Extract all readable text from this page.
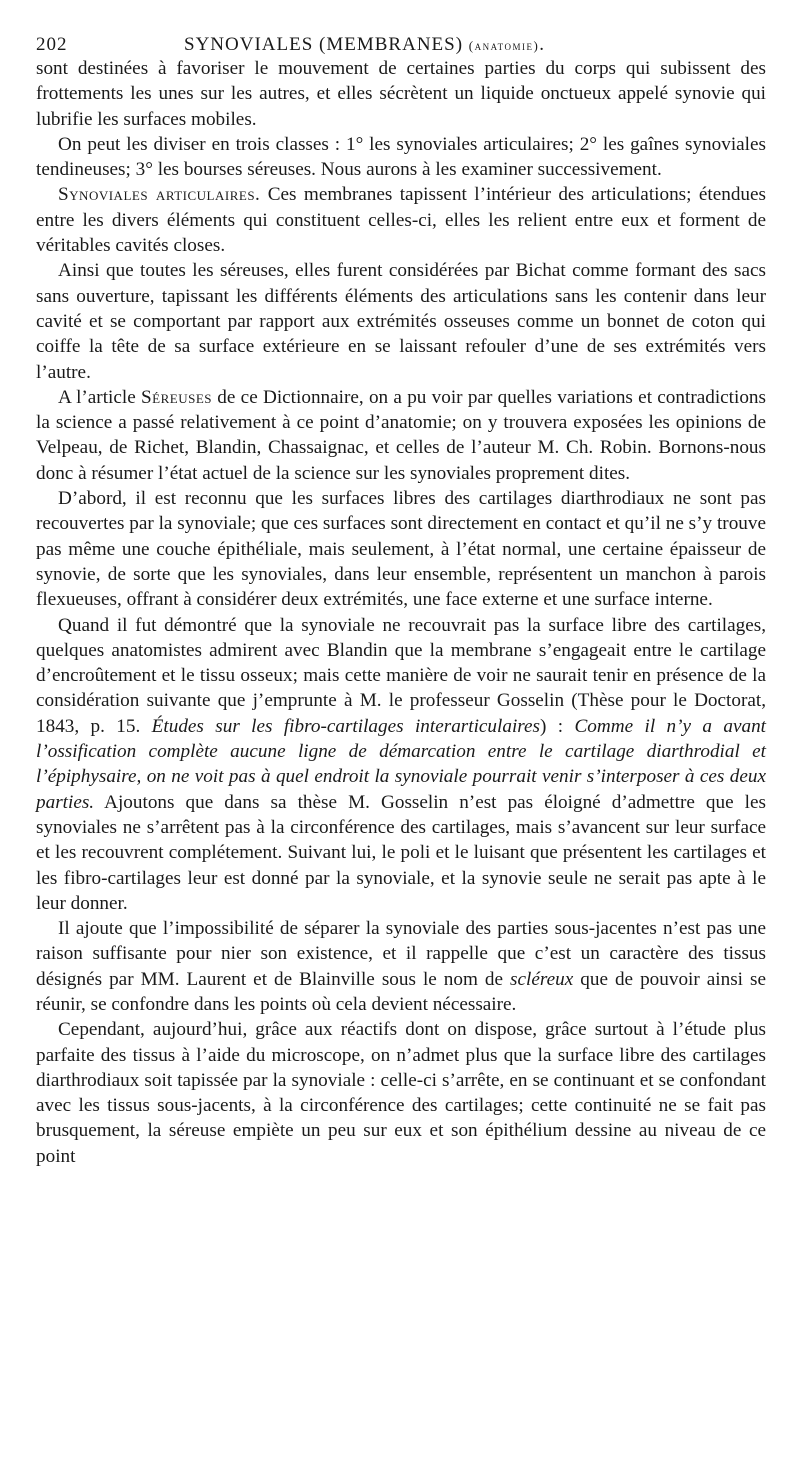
202	SYNOVIALES (MEMBRANES) (anatomie).

sont destinées à favoriser le mouvement de certaines parties du corps qui subissent des frottements les unes sur les autres, et elles sécrètent un liquide onctueux appelé synovie qui lubrifie les surfaces mobiles.

On peut les diviser en trois classes : 1° les synoviales articulaires; 2° les gaînes synoviales tendineuses; 3° les bourses séreuses. Nous aurons à les examiner successivement.

Synoviales articulaires. Ces membranes tapissent l’intérieur des articulations; étendues entre les divers éléments qui constituent celles-ci, elles les relient entre eux et forment de véritables cavités closes.

Ainsi que toutes les séreuses, elles furent considérées par Bichat comme formant des sacs sans ouverture, tapissant les différents éléments des articulations sans les contenir dans leur cavité et se comportant par rapport aux extrémités osseuses comme un bonnet de coton qui coiffe la tête de sa surface extérieure en se laissant refouler d’une de ses extrémités vers l’autre.

A l’article Séreuses de ce Dictionnaire, on a pu voir par quelles variations et contradictions la science a passé relativement à ce point d’anatomie; on y trouvera exposées les opinions de Velpeau, de Richet, Blandin, Chassaignac, et celles de l’auteur M. Ch. Robin. Bornons-nous donc à résumer l’état actuel de la science sur les synoviales proprement dites.

D’abord, il est reconnu que les surfaces libres des cartilages diarthrodiaux ne sont pas recouvertes par la synoviale; que ces surfaces sont directement en contact et qu’il ne s’y trouve pas même une couche épithéliale, mais seulement, à l’état normal, une certaine épaisseur de synovie, de sorte que les synoviales, dans leur ensemble, représentent un manchon à parois flexueuses, offrant à considérer deux extrémités, une face externe et une surface interne.

Quand il fut démontré que la synoviale ne recouvrait pas la surface libre des cartilages, quelques anatomistes admirent avec Blandin que la membrane s’engageait entre le cartilage d’encroûtement et le tissu osseux; mais cette manière de voir ne saurait tenir en présence de la considération suivante que j’emprunte à M. le professeur Gosselin (Thèse pour le Doctorat, 1843, p. 15. Études sur les fibro-cartilages interarticulaires) : Comme il n’y a avant l’ossification complète aucune ligne de démarcation entre le cartilage diarthrodial et l’épiphysaire, on ne voit pas à quel endroit la synoviale pourrait venir s’interposer à ces deux parties. Ajoutons que dans sa thèse M. Gosselin n’est pas éloigné d’admettre que les synoviales ne s’arrêtent pas à la circonférence des cartilages, mais s’avancent sur leur surface et les recouvrent complétement. Suivant lui, le poli et le luisant que présentent les cartilages et les fibro-cartilages leur est donné par la synoviale, et la synovie seule ne serait pas apte à le leur donner.

Il ajoute que l’impossibilité de séparer la synoviale des parties sous-jacentes n’est pas une raison suffisante pour nier son existence, et il rappelle que c’est un caractère des tissus désignés par MM. Laurent et de Blainville sous le nom de scléreux que de pouvoir ainsi se réunir, se confondre dans les points où cela devient nécessaire.

Cependant, aujourd’hui, grâce aux réactifs dont on dispose, grâce surtout à l’étude plus parfaite des tissus à l’aide du microscope, on n’admet plus que la surface libre des cartilages diarthrodiaux soit tapissée par la synoviale : celle-ci s’arrête, en se continuant et se confondant avec les tissus sous-jacents, à la circonférence des cartilages; cette continuité ne se fait pas brusquement, la séreuse empiète un peu sur eux et son épithélium dessine au niveau de ce point
